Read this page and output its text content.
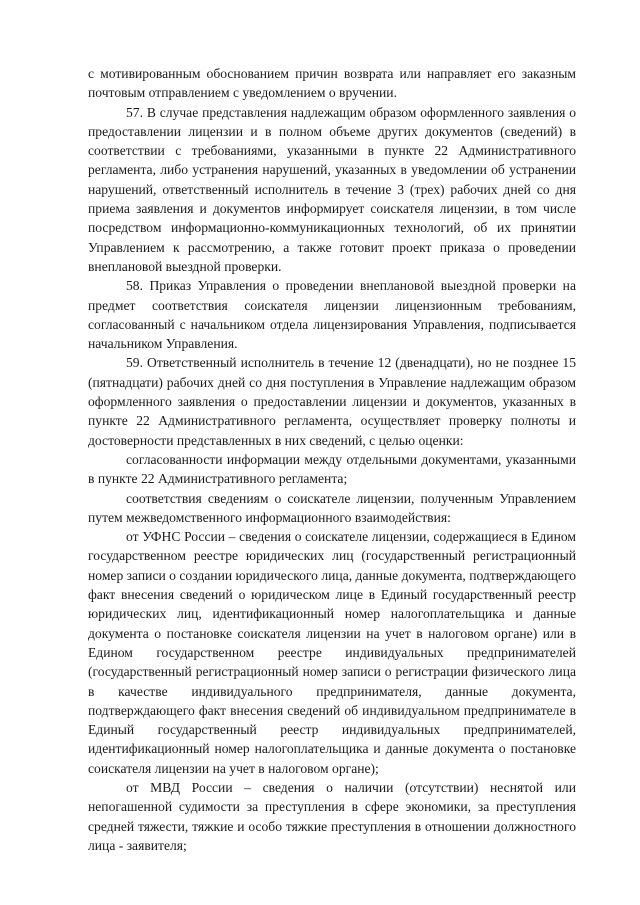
с мотивированным обоснованием причин возврата или направляет его заказным почтовым отправлением с уведомлением о вручении.

57. В случае представления надлежащим образом оформленного заявления о предоставлении лицензии и в полном объеме других документов (сведений) в соответствии с требованиями, указанными в пункте 22 Административного регламента, либо устранения нарушений, указанных в уведомлении об устранении нарушений, ответственный исполнитель в течение 3 (трех) рабочих дней со дня приема заявления и документов информирует соискателя лицензии, в том числе посредством информационно-коммуникационных технологий, об их принятии Управлением к рассмотрению, а также готовит проект приказа о проведении внеплановой выездной проверки.

58. Приказ Управления о проведении внеплановой выездной проверки на предмет соответствия соискателя лицензии лицензионным требованиям, согласованный с начальником отдела лицензирования Управления, подписывается начальником Управления.

59. Ответственный исполнитель в течение 12 (двенадцати), но не позднее 15 (пятнадцати) рабочих дней со дня поступления в Управление надлежащим образом оформленного заявления о предоставлении лицензии и документов, указанных в пункте 22 Административного регламента, осуществляет проверку полноты и достоверности представленных в них сведений, с целью оценки:

согласованности информации между отдельными документами, указанными в пункте 22 Административного регламента;

соответствия сведениям о соискателе лицензии, полученным Управлением путем межведомственного информационного взаимодействия:

от УФНС России – сведения о соискателе лицензии, содержащиеся в Едином государственном реестре юридических лиц (государственный регистрационный номер записи о создании юридического лица, данные документа, подтверждающего факт внесения сведений о юридическом лице в Единый государственный реестр юридических лиц, идентификационный номер налогоплательщика и данные документа о постановке соискателя лицензии на учет в налоговом органе) или в Едином государственном реестре индивидуальных предпринимателей (государственный регистрационный номер записи о регистрации физического лица в качестве индивидуального предпринимателя, данные документа, подтверждающего факт внесения сведений об индивидуальном предпринимателе в Единый государственный реестр индивидуальных предпринимателей, идентификационный номер налогоплательщика и данные документа о постановке соискателя лицензии на учет в налоговом органе);

от МВД России – сведения о наличии (отсутствии) неснятой или непогашенной судимости за преступления в сфере экономики, за преступления средней тяжести, тяжкие и особо тяжкие преступления в отношении должностного лица - заявителя;
